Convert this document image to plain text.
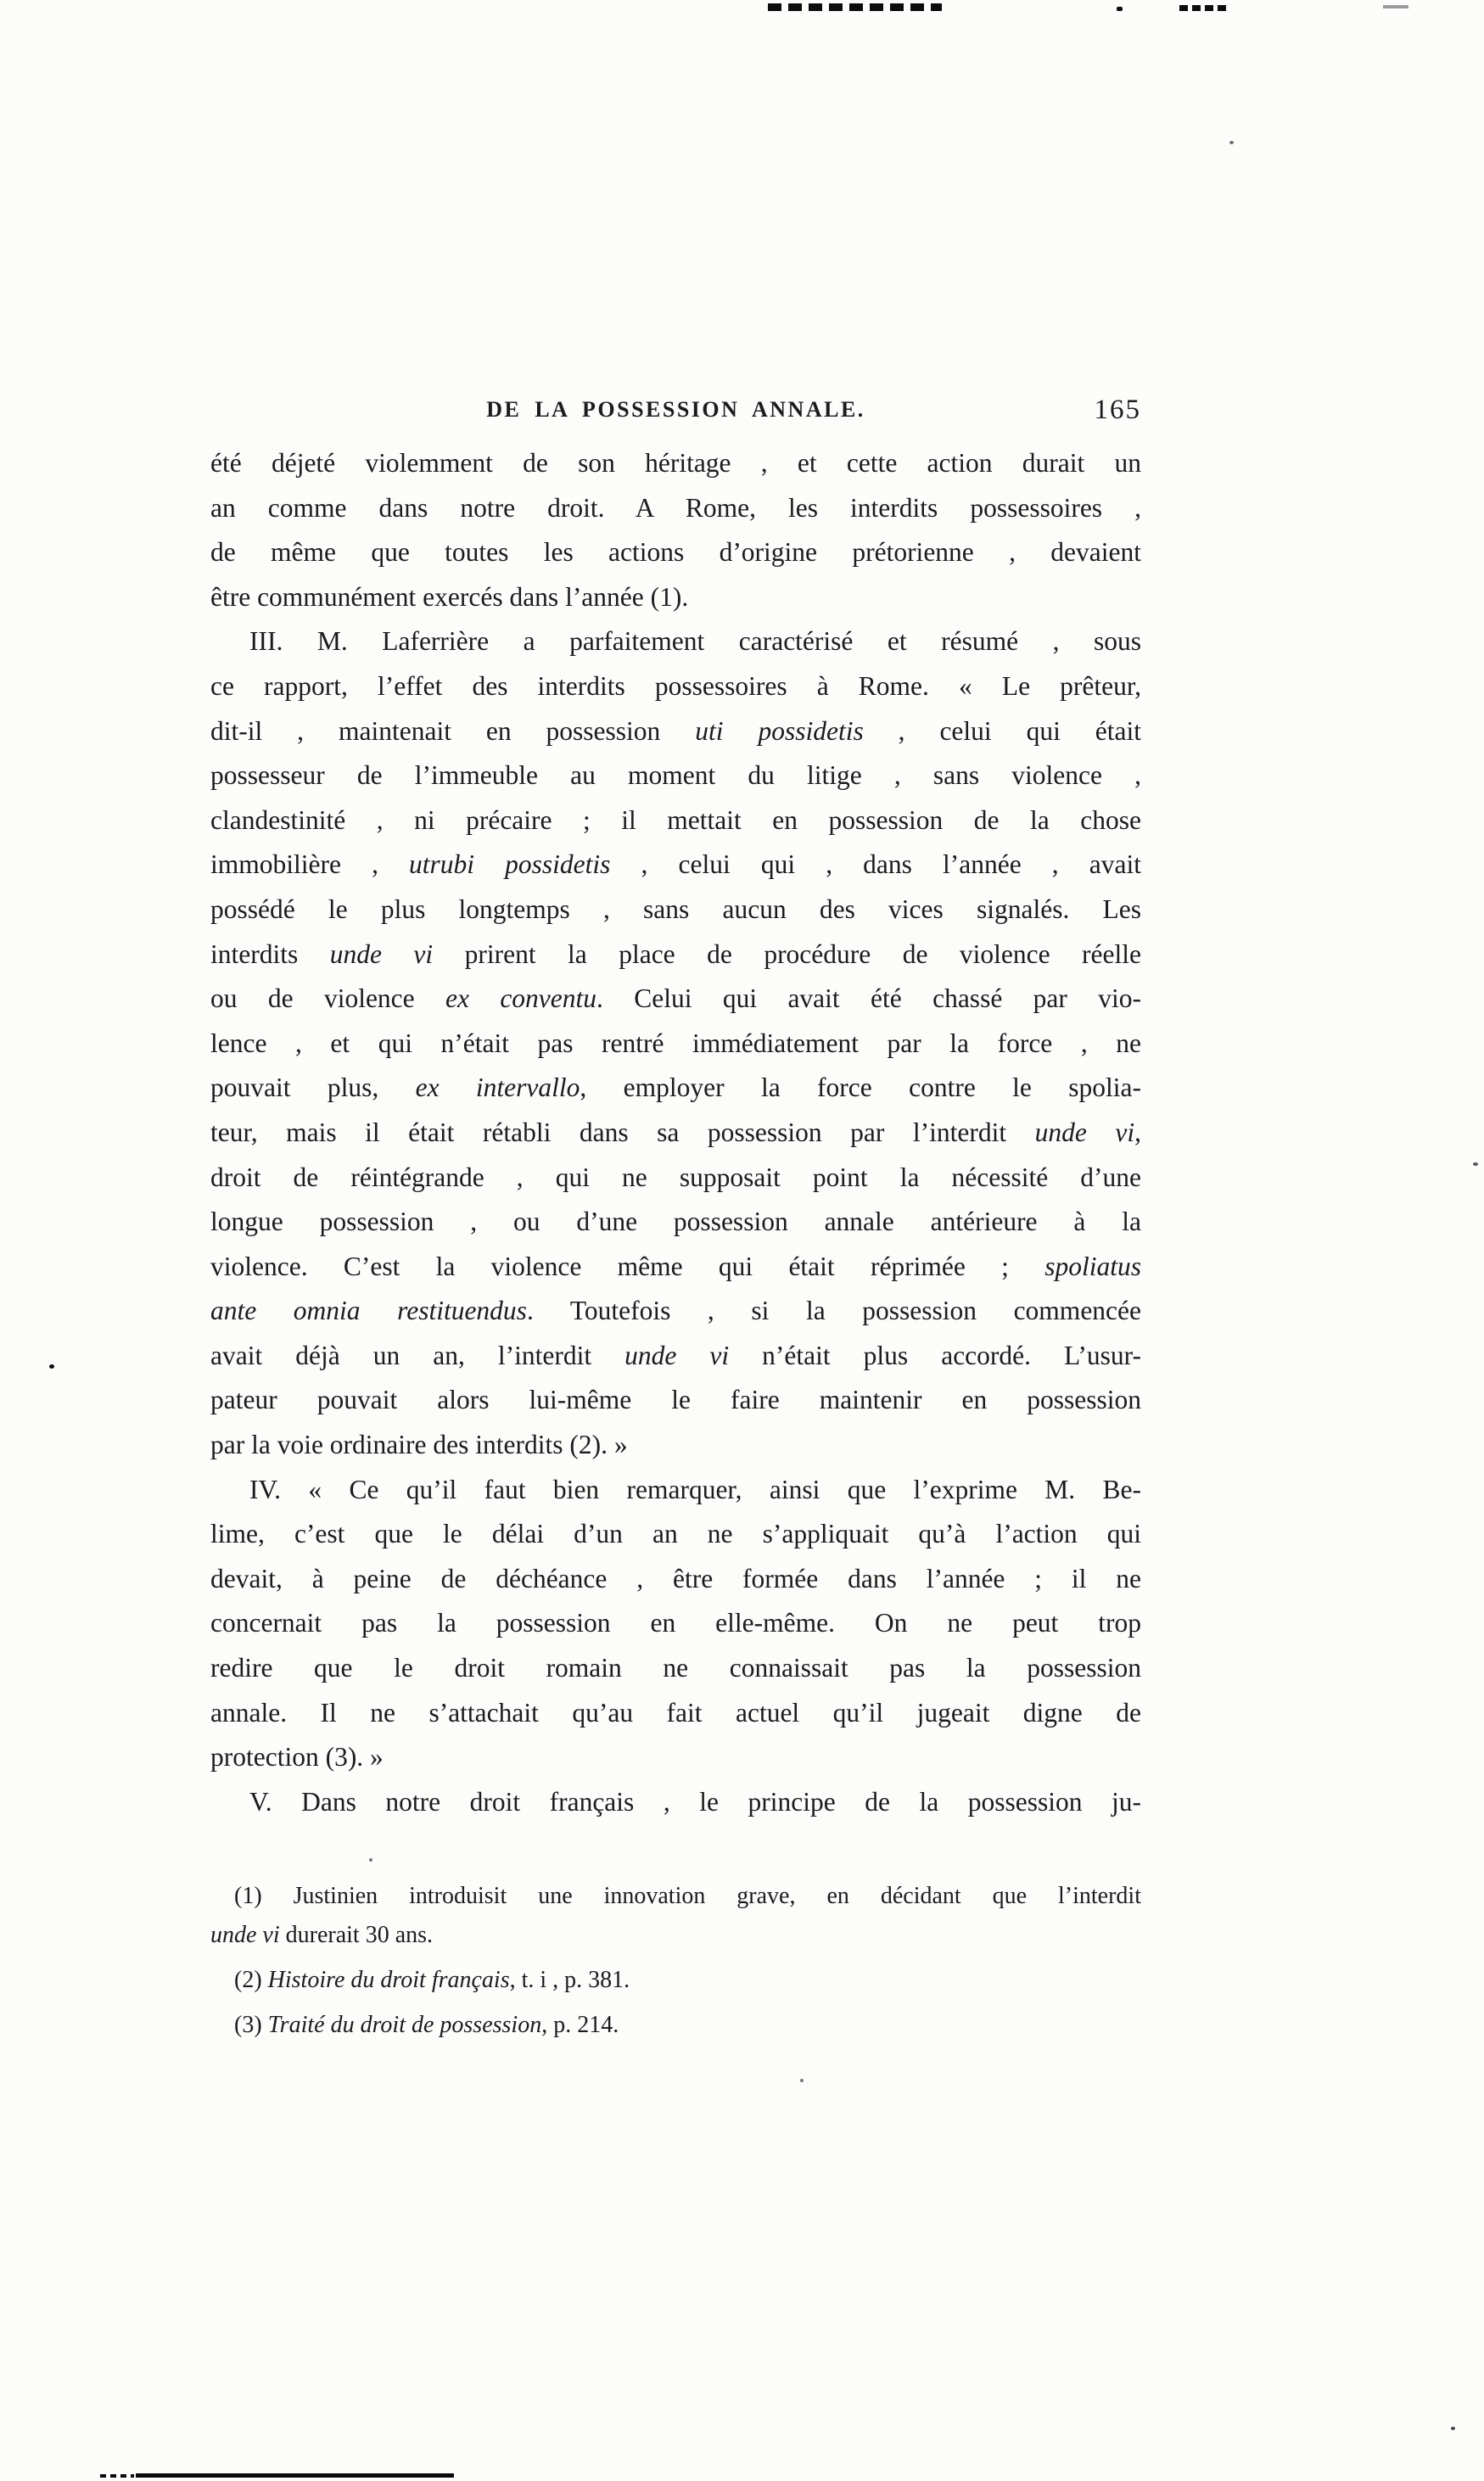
DE LA POSSESSION ANNALE.	165
été déjeté violemment de son héritage , et cette action durait un
an comme dans notre droit. A Rome, les interdits possessoires ,
de même que toutes les actions d’origine prétorienne , devaient
être communément exercés dans l’année (1).
III. M. Laferrière a parfaitement caractérisé et résumé , sous
ce rapport, l’effet des interdits possessoires à Rome. « Le prêteur,
dit-il , maintenait en possession uti possidetis , celui qui était
possesseur de l’immeuble au moment du litige , sans violence ,
clandestinité , ni précaire ; il mettait en possession de la chose
immobilière , utrubi possidetis , celui qui , dans l’année , avait
possédé le plus longtemps , sans aucun des vices signalés. Les
interdits unde vi prirent la place de procédure de violence réelle
ou de violence ex conventu. Celui qui avait été chassé par vio-
lence , et qui n’était pas rentré immédiatement par la force , ne
pouvait plus, ex intervallo, employer la force contre le spolia-
teur, mais il était rétabli dans sa possession par l’interdit unde vi,
droit de réintégrande , qui ne supposait point la nécessité d’une
longue possession , ou d’une possession annale antérieure à la
violence. C’est la violence même qui était réprimée ; spoliatus
ante omnia restituendus. Toutefois , si la possession commencée
avait déjà un an, l’interdit unde vi n’était plus accordé. L’usur-
pateur pouvait alors lui-même le faire maintenir en possession
par la voie ordinaire des interdits (2). »
IV. « Ce qu’il faut bien remarquer, ainsi que l’exprime M. Be-
lime, c’est que le délai d’un an ne s’appliquait qu’à l’action qui
devait, à peine de déchéance , être formée dans l’année ; il ne
concernait pas la possession en elle-même. On ne peut trop
redire que le droit romain ne connaissait pas la possession
annale. Il ne s’attachait qu’au fait actuel qu’il jugeait digne de
protection (3). »
V. Dans notre droit français , le principe de la possession ju-
(1) Justinien introduisit une innovation grave, en décidant que l’interdit
unde vi durerait 30 ans.
(2) Histoire du droit français, t. i , p. 381.
(3) Traité du droit de possession, p. 214.
